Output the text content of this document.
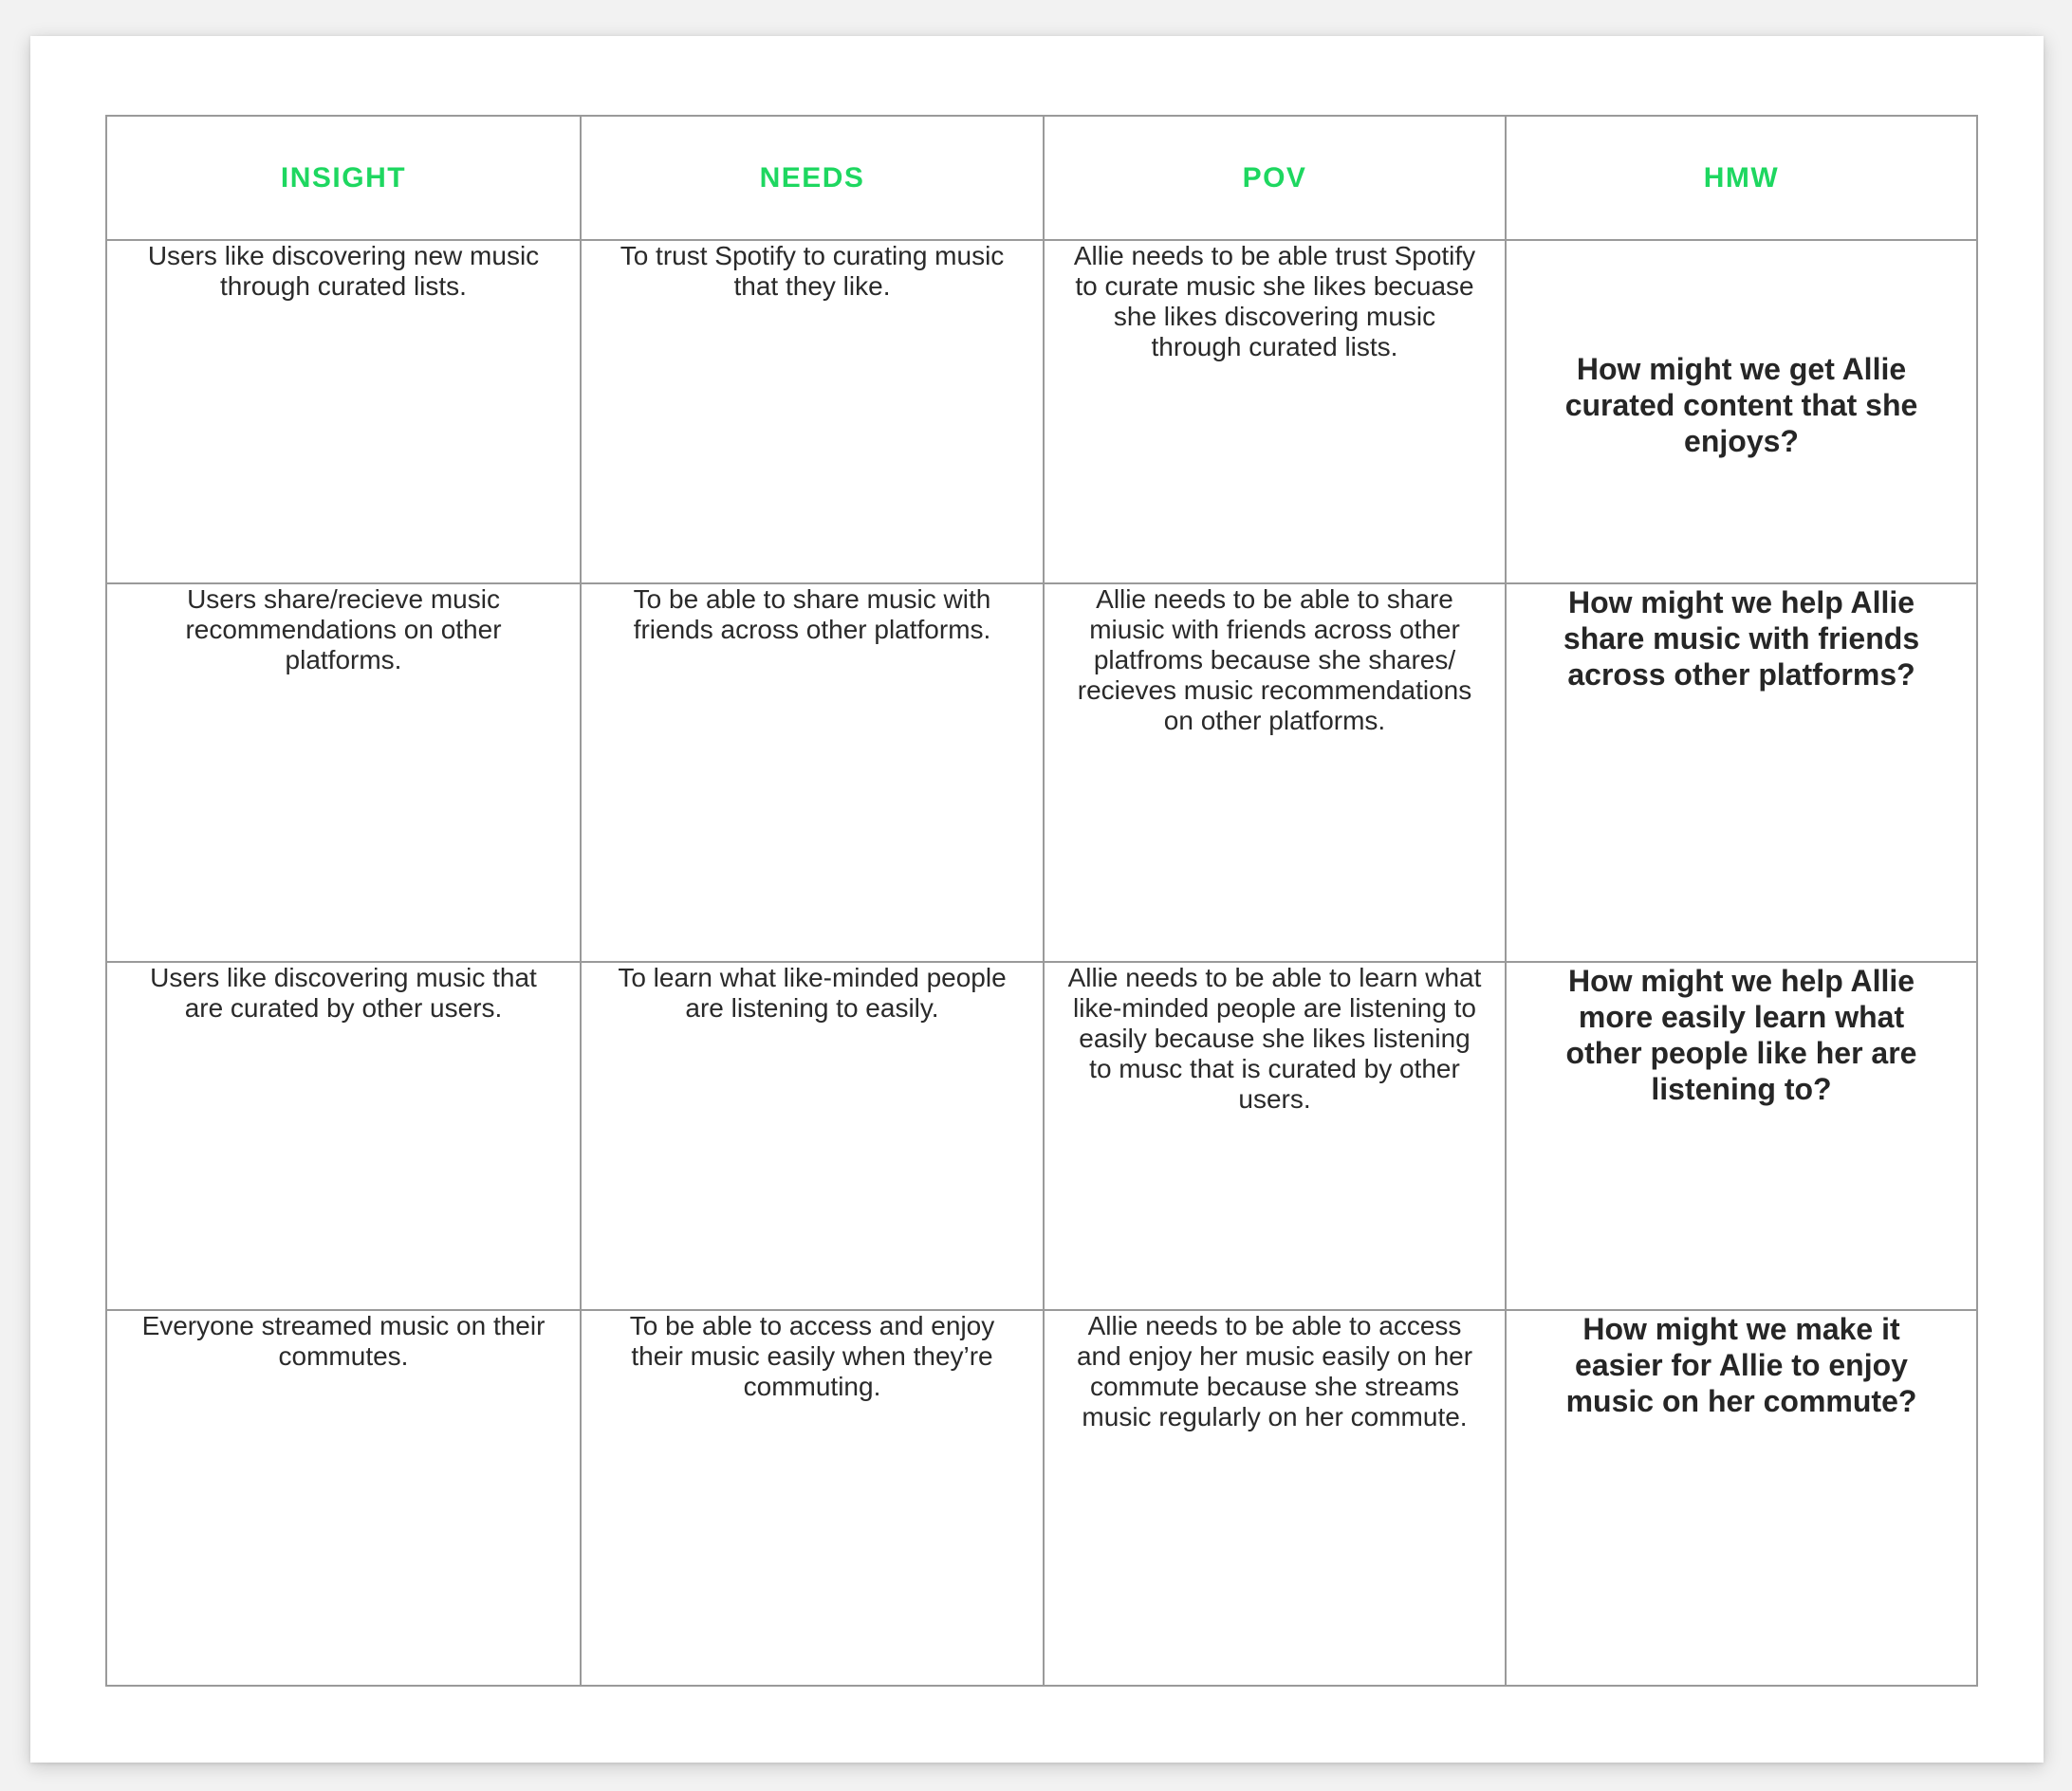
INSIGHT	NEEDS	POV	HMW

Users like discovering new music through curated lists.	To trust Spotify to curating music that they like.	Allie needs to be able trust Spotify to curate music she likes becuase she likes discovering music through curated lists.	How might we get Allie curated content that she enjoys?

Users share/recieve music recommendations on other platforms.	To be able to share music with friends across other platforms.	Allie needs to be able to share miusic with friends across other platfroms because she shares/ recieves music recommendations on other platforms.	How might we help Allie share music with friends across other platforms?

Users like discovering music that are curated by other users.	To learn what like-minded people are listening to easily.	Allie needs to be able to learn what like-minded people are listening to easily because she likes listening to musc that is curated by other users.	How might we help Allie more easily learn what other people like her are listening to?

Everyone streamed music on their commutes.	To be able to access and enjoy their music easily when they’re commuting.	Allie needs to be able to access and enjoy her music easily on her commute because she streams music regularly on her commute.	How might we make it easier for Allie to enjoy music on her commute?
